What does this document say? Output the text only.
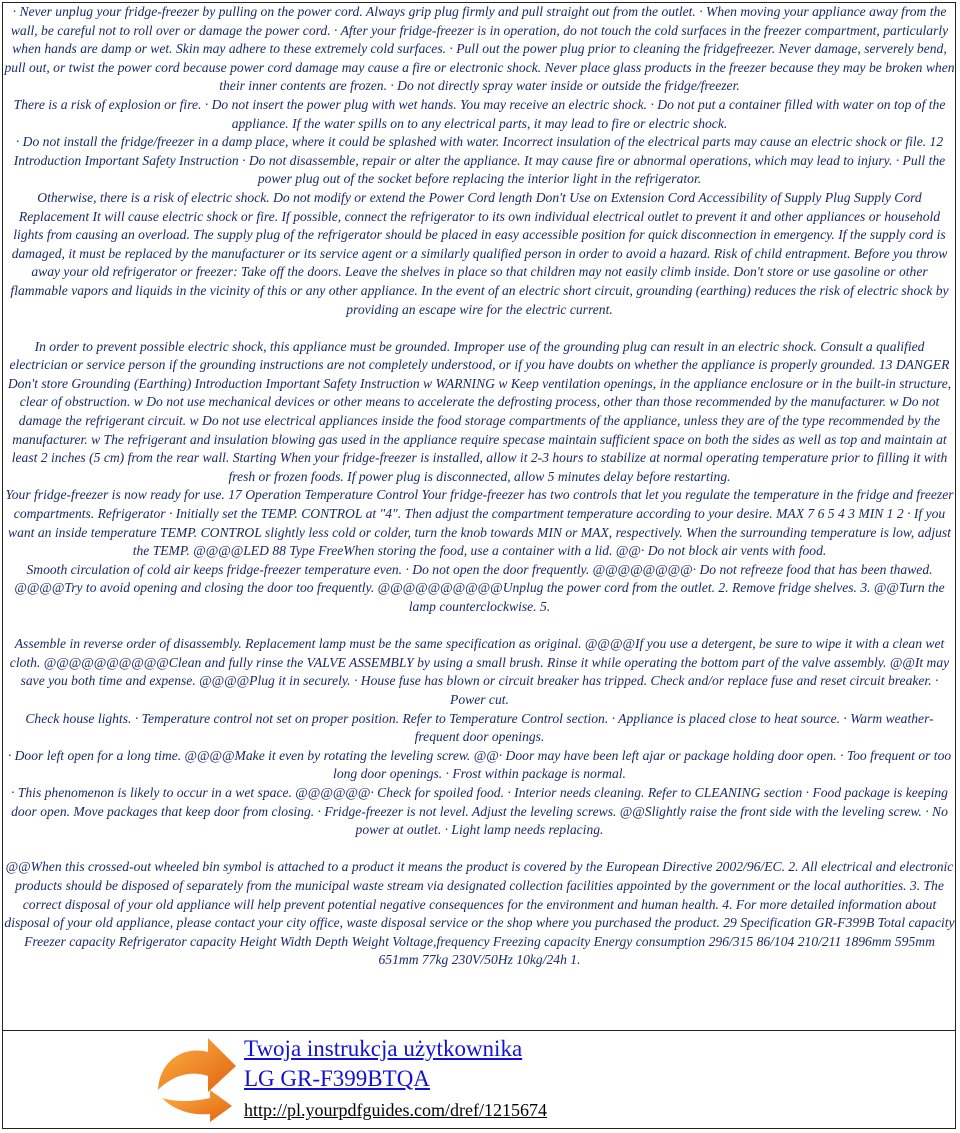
· Never unplug your fridge-freezer by pulling on the power cord. Always grip plug firmly and pull straight out from the outlet. · When moving your appliance away from the wall, be careful not to roll over or damage the power cord. · After your fridge-freezer is in operation, do not touch the cold surfaces in the freezer compartment, particularly when hands are damp or wet. Skin may adhere to these extremely cold surfaces. · Pull out the power plug prior to cleaning the fridgefreezer. Never damage, serverely bend, pull out, or twist the power cord because power cord damage may cause a fire or electronic shock. Never place glass products in the freezer because they may be broken when their inner contents are frozen. · Do not directly spray water inside or outside the fridge/freezer.

There is a risk of explosion or fire. · Do not insert the power plug with wet hands. You may receive an electric shock. · Do not put a container filled with water on top of the appliance. If the water spills on to any electrical parts, it may lead to fire or electric shock.

· Do not install the fridge/freezer in a damp place, where it could be splashed with water. Incorrect insulation of the electrical parts may cause an electric shock or file. 12 Introduction Important Safety Instruction · Do not disassemble, repair or alter the appliance. It may cause fire or abnormal operations, which may lead to injury. · Pull the power plug out of the socket before replacing the interior light in the refrigerator.

Otherwise, there is a risk of electric shock. Do not modify or extend the Power Cord length Don't Use on Extension Cord Accessibility of Supply Plug Supply Cord Replacement It will cause electric shock or fire. If possible, connect the refrigerator to its own individual electrical outlet to prevent it and other appliances or household lights from causing an overload. The supply plug of the refrigerator should be placed in easy accessible position for quick disconnection in emergency. If the supply cord is damaged, it must be replaced by the manufacturer or its service agent or a similarly qualified person in order to avoid a hazard. Risk of child entrapment. Before you throw away your old refrigerator or freezer: Take off the doors. Leave the shelves in place so that children may not easily climb inside. Don't store or use gasoline or other flammable vapors and liquids in the vicinity of this or any other appliance. In the event of an electric short circuit, grounding (earthing) reduces the risk of electric shock by providing an escape wire for the electric current.

In order to prevent possible electric shock, this appliance must be grounded. Improper use of the grounding plug can result in an electric shock. Consult a qualified electrician or service person if the grounding instructions are not completely understood, or if you have doubts on whether the appliance is properly grounded. 13 DANGER Don't store Grounding (Earthing) Introduction Important Safety Instruction w WARNING w Keep ventilation openings, in the appliance enclosure or in the built-in structure, clear of obstruction. w Do not use mechanical devices or other means to accelerate the defrosting process, other than those recommended by the manufacturer. w Do not damage the refrigerant circuit. w Do not use electrical appliances inside the food storage compartments of the appliance, unless they are of the type recommended by the manufacturer. w The refrigerant and insulation blowing gas used in the appliance require specase maintain sufficient space on both the sides as well as top and maintain at least 2 inches (5 cm) from the rear wall. Starting When your fridge-freezer is installed, allow it 2-3 hours to stabilize at normal operating temperature prior to filling it with fresh or frozen foods. If power plug is disconnected, allow 5 minutes delay before restarting.

Your fridge-freezer is now ready for use. 17 Operation Temperature Control Your fridge-freezer has two controls that let you regulate the temperature in the fridge and freezer compartments. Refrigerator · Initially set the TEMP. CONTROL at "4". Then adjust the compartment temperature according to your desire. MAX 7 6 5 4 3 MIN 1 2 · If you want an inside temperature TEMP. CONTROL slightly less cold or colder, turn the knob towards MIN or MAX, respectively. When the surrounding temperature is low, adjust the TEMP. @@@@LED 88 Type FreeWhen storing the food, use a container with a lid. @@· Do not block air vents with food.

Smooth circulation of cold air keeps fridge-freezer temperature even. · Do not open the door frequently. @@@@@@@@· Do not refreeze food that has been thawed. @@@@Try to avoid opening and closing the door too frequently. @@@@@@@@@@Unplug the power cord from the outlet. 2. Remove fridge shelves. 3. @@Turn the lamp counterclockwise. 5.

Assemble in reverse order of disassembly. Replacement lamp must be the same specification as original. @@@@If you use a detergent, be sure to wipe it with a clean wet cloth. @@@@@@@@@@Clean and fully rinse the VALVE ASSEMBLY by using a small brush. Rinse it while operating the bottom part of the valve assembly. @@It may save you both time and expense. @@@@Plug it in securely. · House fuse has blown or circuit breaker has tripped. Check and/or replace fuse and reset circuit breaker. · Power cut.

Check house lights. · Temperature control not set on proper position. Refer to Temperature Control section. · Appliance is placed close to heat source. · Warm weather-frequent door openings.

· Door left open for a long time. @@@@Make it even by rotating the leveling screw. @@· Door may have been left ajar or package holding door open. · Too frequent or too long door openings. · Frost within package is normal.

· This phenomenon is likely to occur in a wet space. @@@@@@· Check for spoiled food. · Interior needs cleaning. Refer to CLEANING section · Food package is keeping door open. Move packages that keep door from closing. · Fridge-freezer is not level. Adjust the leveling screws. @@Slightly raise the front side with the leveling screw. · No power at outlet. · Light lamp needs replacing.

@@When this crossed-out wheeled bin symbol is attached to a product it means the product is covered by the European Directive 2002/96/EC. 2. All electrical and electronic products should be disposed of separately from the municipal waste stream via designated collection facilities appointed by the government or the local authorities. 3. The correct disposal of your old appliance will help prevent potential negative consequences for the environment and human health. 4. For more detailed information about disposal of your old appliance, please contact your city office, waste disposal service or the shop where you purchased the product. 29 Specification GR-F399B Total capacity Freezer capacity Refrigerator capacity Height Width Depth Weight Voltage,frequency Freezing capacity Energy consumption 296/315 86/104 210/211 1896mm 595mm 651mm 77kg 230V/50Hz 10kg/24h 1.

Twoja instrukcja użytkownika
LG GR-F399BTQA
http://pl.yourpdfguides.com/dref/1215674
